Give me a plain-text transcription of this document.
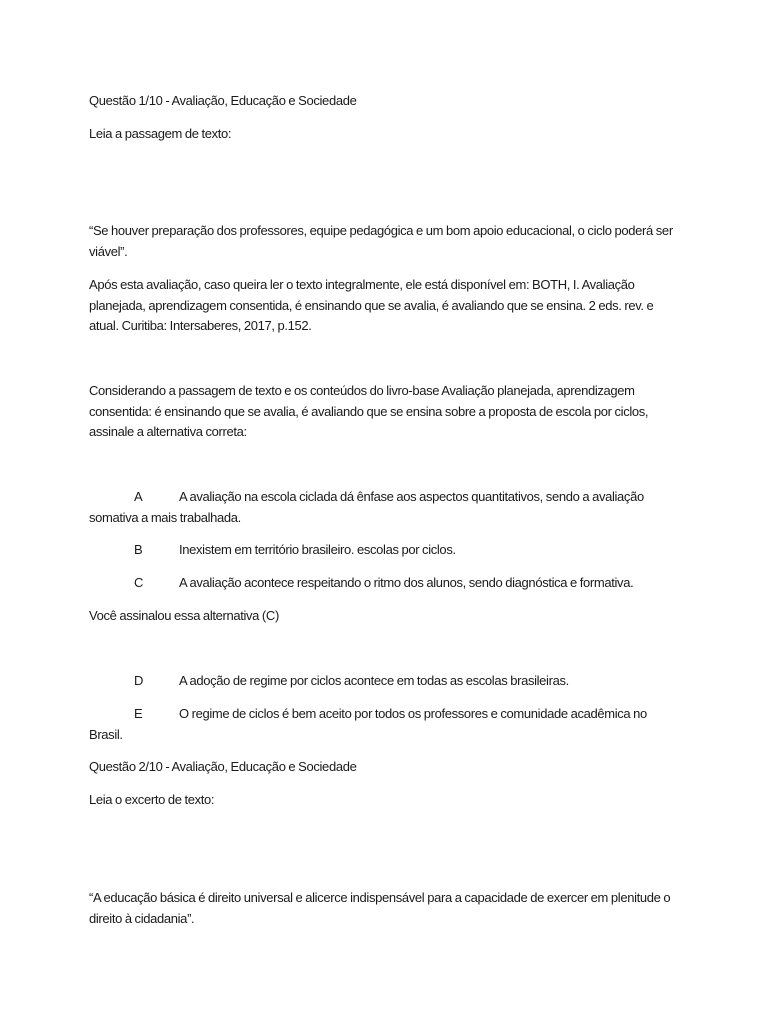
Questão 1/10 - Avaliação, Educação e Sociedade

Leia a passagem de texto:

“Se houver preparação dos professores, equipe pedagógica e um bom apoio educacional, o ciclo poderá ser viável”.

Após esta avaliação, caso queira ler o texto integralmente, ele está disponível em: BOTH, I. Avaliação planejada, aprendizagem consentida, é ensinando que se avalia, é avaliando que se ensina. 2 eds. rev. e atual. Curitiba: Intersaberes, 2017, p.152.

Considerando a passagem de texto e os conteúdos do livro-base Avaliação planejada, aprendizagem consentida: é ensinando que se avalia, é avaliando que se ensina sobre a proposta de escola por ciclos, assinale a alternativa correta:

A	A avaliação na escola ciclada dá ênfase aos aspectos quantitativos, sendo a avaliação somativa a mais trabalhada.

B	Inexistem em território brasileiro. escolas por ciclos.

C	A avaliação acontece respeitando o ritmo dos alunos, sendo diagnóstica e formativa.

Você assinalou essa alternativa (C)

D	A adoção de regime por ciclos acontece em todas as escolas brasileiras.

E	O regime de ciclos é bem aceito por todos os professores e comunidade acadêmica no Brasil.

Questão 2/10 - Avaliação, Educação e Sociedade

Leia o excerto de texto:

“A educação básica é direito universal e alicerce indispensável para a capacidade de exercer em plenitude o direito à cidadania”.
